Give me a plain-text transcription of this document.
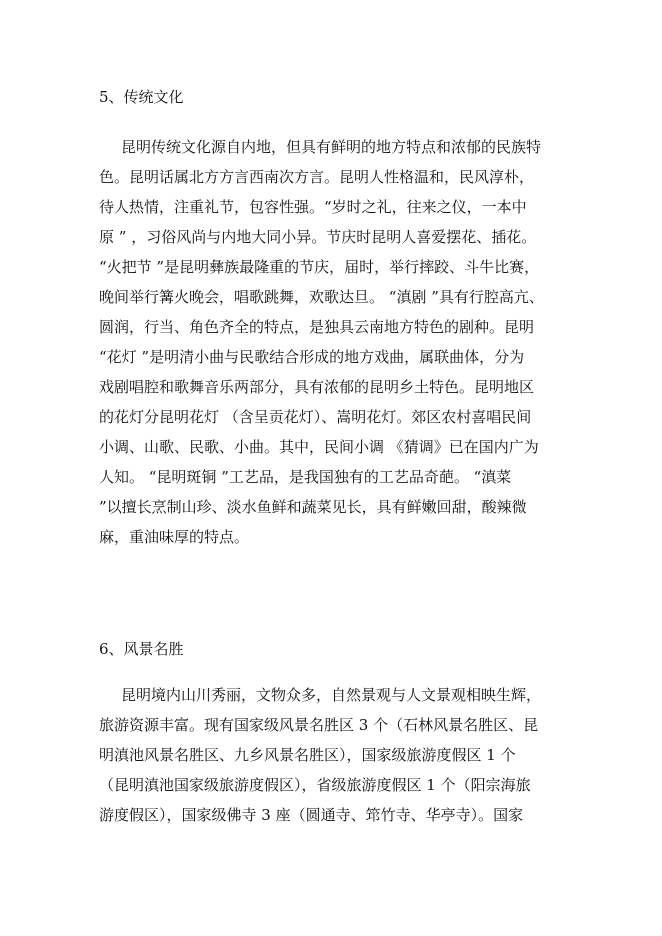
5、传统文化
昆明传统文化源自内地，但具有鲜明的地方特点和浓郁的民族特
色。昆明话属北方方言西南次方言。昆明人性格温和，民风淳朴，
待人热情，注重礼节，包容性强。“岁时之礼，往来之仪，一本中
原 ” ，习俗风尚与内地大同小异。节庆时昆明人喜爱摆花、插花。
“火把节 ”是昆明彝族最隆重的节庆，届时，举行摔跤、斗牛比赛，
晚间举行篝火晚会，唱歌跳舞，欢歌达旦。 “滇剧 ”具有行腔高亢、
圆润，行当、角色齐全的特点，是独具云南地方特色的剧种。昆明
“花灯 ”是明清小曲与民歌结合形成的地方戏曲，属联曲体，分为
戏剧唱腔和歌舞音乐两部分，具有浓郁的昆明乡土特色。昆明地区
的花灯分昆明花灯 （含呈贡花灯）、嵩明花灯。郊区农村喜唱民间
小调、山歌、民歌、小曲。其中，民间小调 《猜调》已在国内广为
人知。 “昆明斑铜 ”工艺品，是我国独有的工艺品奇葩。 “滇菜
”以擅长烹制山珍、淡水鱼鲜和蔬菜见长，具有鲜嫩回甜，酸辣微
麻，重油味厚的特点。
6、风景名胜
昆明境内山川秀丽，文物众多，自然景观与人文景观相映生辉，
旅游资源丰富。现有国家级风景名胜区 3 个（石林风景名胜区、昆
明滇池风景名胜区、九乡风景名胜区），国家级旅游度假区 1 个
（昆明滇池国家级旅游度假区），省级旅游度假区 1 个（阳宗海旅
游度假区），国家级佛寺 3 座（圆通寺、筇竹寺、华亭寺）。国家
